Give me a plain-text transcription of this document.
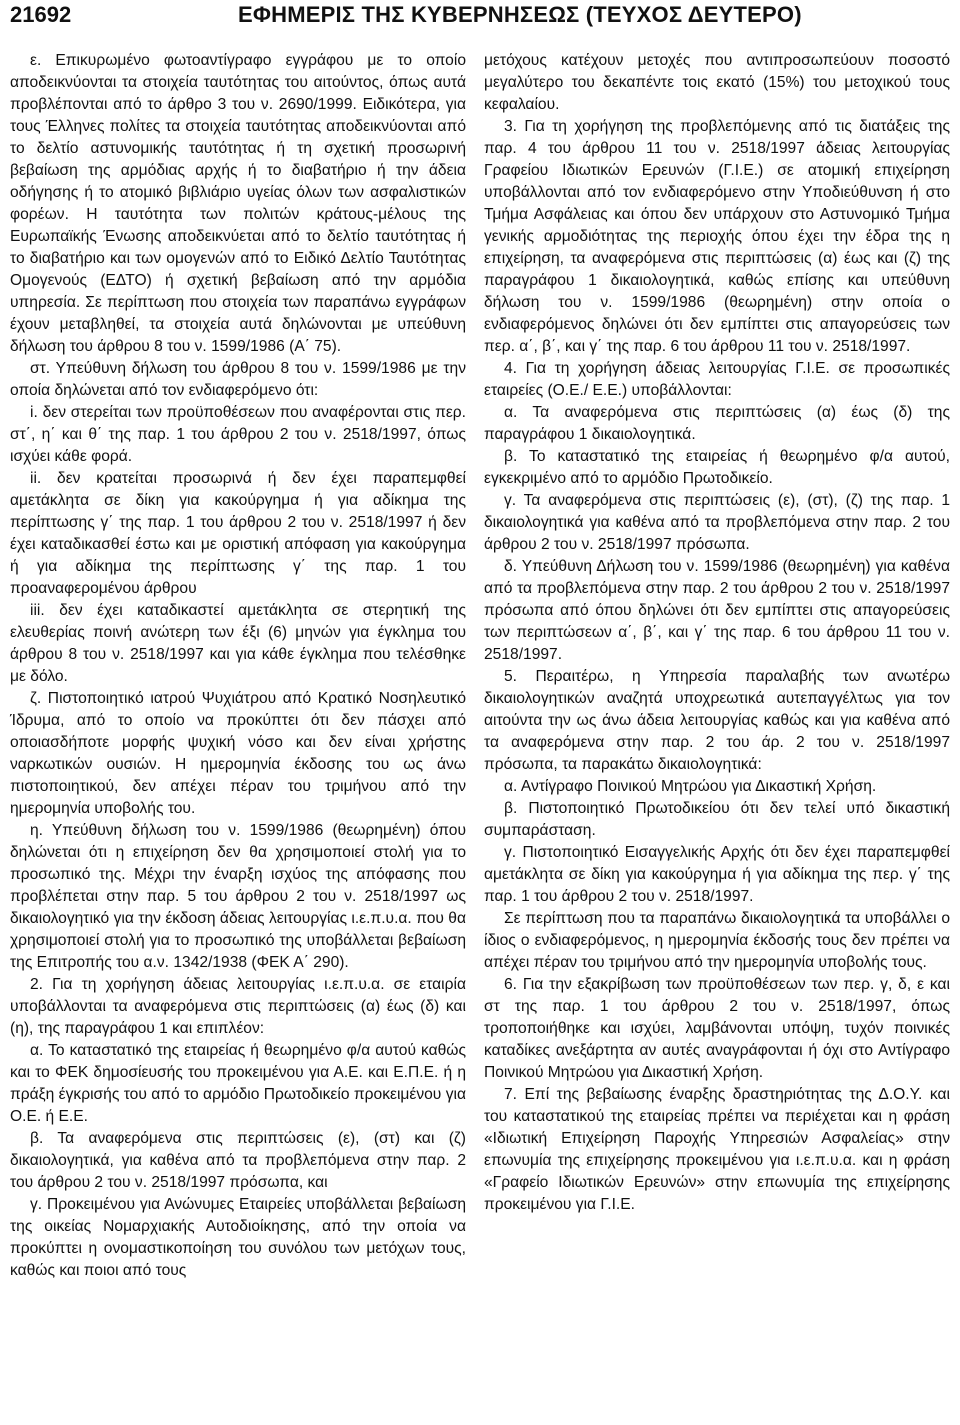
21692	ΕΦΗΜΕΡΙΣ ΤΗΣ ΚΥΒΕΡΝΗΣΕΩΣ (ΤΕΥΧΟΣ ΔΕΥΤΕΡΟ)

ε. Επικυρωμένο φωτοαντίγραφο εγγράφου με το οποίο αποδεικνύονται τα στοιχεία ταυτότητας του αιτούντος, όπως αυτά προβλέπονται από το άρθρο 3 του ν. 2690/1999. Ειδικότερα, για τους Έλληνες πολίτες τα στοιχεία ταυτότητας αποδεικνύονται από το δελτίο αστυνομικής ταυτότητας ή τη σχετική προσωρινή βεβαίωση της αρμόδιας αρχής ή το διαβατήριο ή την άδεια οδήγησης ή το ατομικό βιβλιάριο υγείας όλων των ασφαλιστικών φορέων. Η ταυτότητα των πολιτών κράτους-μέλους της Ευρωπαϊκής Ένωσης αποδεικνύεται από το δελτίο ταυτότητας ή το διαβατήριο και των ομογενών από το Ειδικό Δελτίο Ταυτότητας Ομογενούς (ΕΔΤΟ) ή σχετική βεβαίωση από την αρμόδια υπηρεσία. Σε περίπτωση που στοιχεία των παραπάνω εγγράφων έχουν μεταβληθεί, τα στοιχεία αυτά δηλώνονται με υπεύθυνη δήλωση του άρθρου 8 του ν. 1599/1986 (Α΄ 75).

στ. Υπεύθυνη δήλωση του άρθρου 8 του ν. 1599/1986 με την οποία δηλώνεται από τον ενδιαφερόμενο ότι:

i. δεν στερείται των προϋποθέσεων που αναφέρονται στις περ. στ΄, η΄ και θ΄ της παρ. 1 του άρθρου 2 του ν. 2518/1997, όπως ισχύει κάθε φορά.

ii. δεν κρατείται προσωρινά ή δεν έχει παραπεμφθεί αμετάκλητα σε δίκη για κακούργημα ή για αδίκημα της περίπτωσης γ΄ της παρ. 1 του άρθρου 2 του ν. 2518/1997 ή δεν έχει καταδικασθεί έστω και με οριστική απόφαση για κακούργημα ή για αδίκημα της περίπτωσης γ΄ της παρ. 1 του προαναφερομένου άρθρου

iii. δεν έχει καταδικαστεί αμετάκλητα σε στερητική της ελευθερίας ποινή ανώτερη των έξι (6) μηνών για έγκλημα του άρθρου 8 του ν. 2518/1997 και για κάθε έγκλημα που τελέσθηκε με δόλο.

ζ. Πιστοποιητικό ιατρού Ψυχιάτρου από Κρατικό Νοσηλευτικό Ίδρυμα, από το οποίο να προκύπτει ότι δεν πάσχει από οποιασδήποτε μορφής ψυχική νόσο και δεν είναι χρήστης ναρκωτικών ουσιών. Η ημερομηνία έκδοσης του ως άνω πιστοποιητικού, δεν απέχει πέραν του τριμήνου από την ημερομηνία υποβολής του.

η. Υπεύθυνη δήλωση του ν. 1599/1986 (θεωρημένη) όπου δηλώνεται ότι η επιχείρηση δεν θα χρησιμοποιεί στολή για το προσωπικό της. Μέχρι την έναρξη ισχύος της απόφασης που προβλέπεται στην παρ. 5 του άρθρου 2 του ν. 2518/1997 ως δικαιολογητικό για την έκδοση άδειας λειτουργίας ι.ε.π.υ.α. που θα χρησιμοποιεί στολή για το προσωπικό της υποβάλλεται βεβαίωση της Επιτροπής του α.ν. 1342/1938 (ΦΕΚ Α΄ 290).

2. Για τη χορήγηση άδειας λειτουργίας ι.ε.π.υ.α. σε εταιρία υποβάλλονται τα αναφερόμενα στις περιπτώσεις (α) έως (δ) και (η), της παραγράφου 1 και επιπλέον:

α. Το καταστατικό της εταιρείας ή θεωρημένο φ/α αυτού καθώς και το ΦΕΚ δημοσίευσής του προκειμένου για Α.Ε. και Ε.Π.Ε. ή η πράξη έγκρισής του από το αρμόδιο Πρωτοδικείο προκειμένου για Ο.Ε. ή Ε.Ε.

β. Τα αναφερόμενα στις περιπτώσεις (ε), (στ) και (ζ) δικαιολογητικά, για καθένα από τα προβλεπόμενα στην παρ. 2 του άρθρου 2 του ν. 2518/1997 πρόσωπα, και

γ. Προκειμένου για Ανώνυμες Εταιρείες υποβάλλεται βεβαίωση της οικείας Νομαρχιακής Αυτοδιοίκησης, από την οποία να προκύπτει η ονομαστικοποίηση του συνόλου των μετόχων τους, καθώς και ποιοι από τους

μετόχους κατέχουν μετοχές που αντιπροσωπεύουν ποσοστό μεγαλύτερο του δεκαπέντε τοις εκατό (15%) του μετοχικού τους κεφαλαίου.

3. Για τη χορήγηση της προβλεπόμενης από τις διατάξεις της παρ. 4 του άρθρου 11 του ν. 2518/1997 άδειας λειτουργίας Γραφείου Ιδιωτικών Ερευνών (Γ.Ι.Ε.) σε ατομική επιχείρηση υποβάλλονται από τον ενδιαφερόμενο στην Υποδιεύθυνση ή στο Τμήμα Ασφάλειας και όπου δεν υπάρχουν στο Αστυνομικό Τμήμα γενικής αρμοδιότητας της περιοχής όπου έχει την έδρα της η επιχείρηση, τα αναφερόμενα στις περιπτώσεις (α) έως και (ζ) της παραγράφου 1 δικαιολογητικά, καθώς επίσης και υπεύθυνη δήλωση του ν. 1599/1986 (θεωρημένη) στην οποία ο ενδιαφερόμενος δηλώνει ότι δεν εμπίπτει στις απαγορεύσεις των περ. α΄, β΄, και γ΄ της παρ. 6 του άρθρου 11 του ν. 2518/1997.

4. Για τη χορήγηση άδειας λειτουργίας Γ.Ι.Ε. σε προσωπικές εταιρείες (Ο.Ε./ Ε.Ε.) υποβάλλονται:

α. Τα αναφερόμενα στις περιπτώσεις (α) έως (δ) της παραγράφου 1 δικαιολογητικά.

β. Το καταστατικό της εταιρείας ή θεωρημένο φ/α αυτού, εγκεκριμένο από το αρμόδιο Πρωτοδικείο.

γ. Τα αναφερόμενα στις περιπτώσεις (ε), (στ), (ζ) της παρ. 1 δικαιολογητικά για καθένα από τα προβλεπόμενα στην παρ. 2 του άρθρου 2 του ν. 2518/1997 πρόσωπα.

δ. Υπεύθυνη Δήλωση του ν. 1599/1986 (θεωρημένη) για καθένα από τα προβλεπόμενα στην παρ. 2 του άρθρου 2 του ν. 2518/1997 πρόσωπα από όπου δηλώνει ότι δεν εμπίπτει στις απαγορεύσεις των περιπτώσεων α΄, β΄, και γ΄ της παρ. 6 του άρθρου 11 του ν. 2518/1997.

5. Περαιτέρω, η Υπηρεσία παραλαβής των ανωτέρω δικαιολογητικών αναζητά υποχρεωτικά αυτεπαγγέλτως για τον αιτούντα την ως άνω άδεια λειτουργίας καθώς και για καθένα από τα αναφερόμενα στην παρ. 2 του άρ. 2 του ν. 2518/1997 πρόσωπα, τα παρακάτω δικαιολογητικά:

α. Αντίγραφο Ποινικού Μητρώου για Δικαστική Χρήση.

β. Πιστοποιητικό Πρωτοδικείου ότι δεν τελεί υπό δικαστική συμπαράσταση.

γ. Πιστοποιητικό Εισαγγελικής Αρχής ότι δεν έχει παραπεμφθεί αμετάκλητα σε δίκη για κακούργημα ή για αδίκημα της περ. γ΄ της παρ. 1 του άρθρου 2 του ν. 2518/1997.

Σε περίπτωση που τα παραπάνω δικαιολογητικά τα υποβάλλει ο ίδιος ο ενδιαφερόμενος, η ημερομηνία έκδοσής τους δεν πρέπει να απέχει πέραν του τριμήνου από την ημερομηνία υποβολής τους.

6. Για την εξακρίβωση των προϋποθέσεων των περ. γ, δ, ε και στ της παρ. 1 του άρθρου 2 του ν. 2518/1997, όπως τροποποιήθηκε και ισχύει, λαμβάνονται υπόψη, τυχόν ποινικές καταδίκες ανεξάρτητα αν αυτές αναγράφονται ή όχι στο Αντίγραφο Ποινικού Μητρώου για Δικαστική Χρήση.

7. Επί της βεβαίωσης έναρξης δραστηριότητας της Δ.Ο.Υ. και του καταστατικού της εταιρείας πρέπει να περιέχεται και η φράση «Ιδιωτική Επιχείρηση Παροχής Υπηρεσιών Ασφαλείας» στην επωνυμία της επιχείρησης προκειμένου για ι.ε.π.υ.α. και η φράση «Γραφείο Ιδιωτικών Ερευνών» στην επωνυμία της επιχείρησης προκειμένου για Γ.Ι.Ε.
